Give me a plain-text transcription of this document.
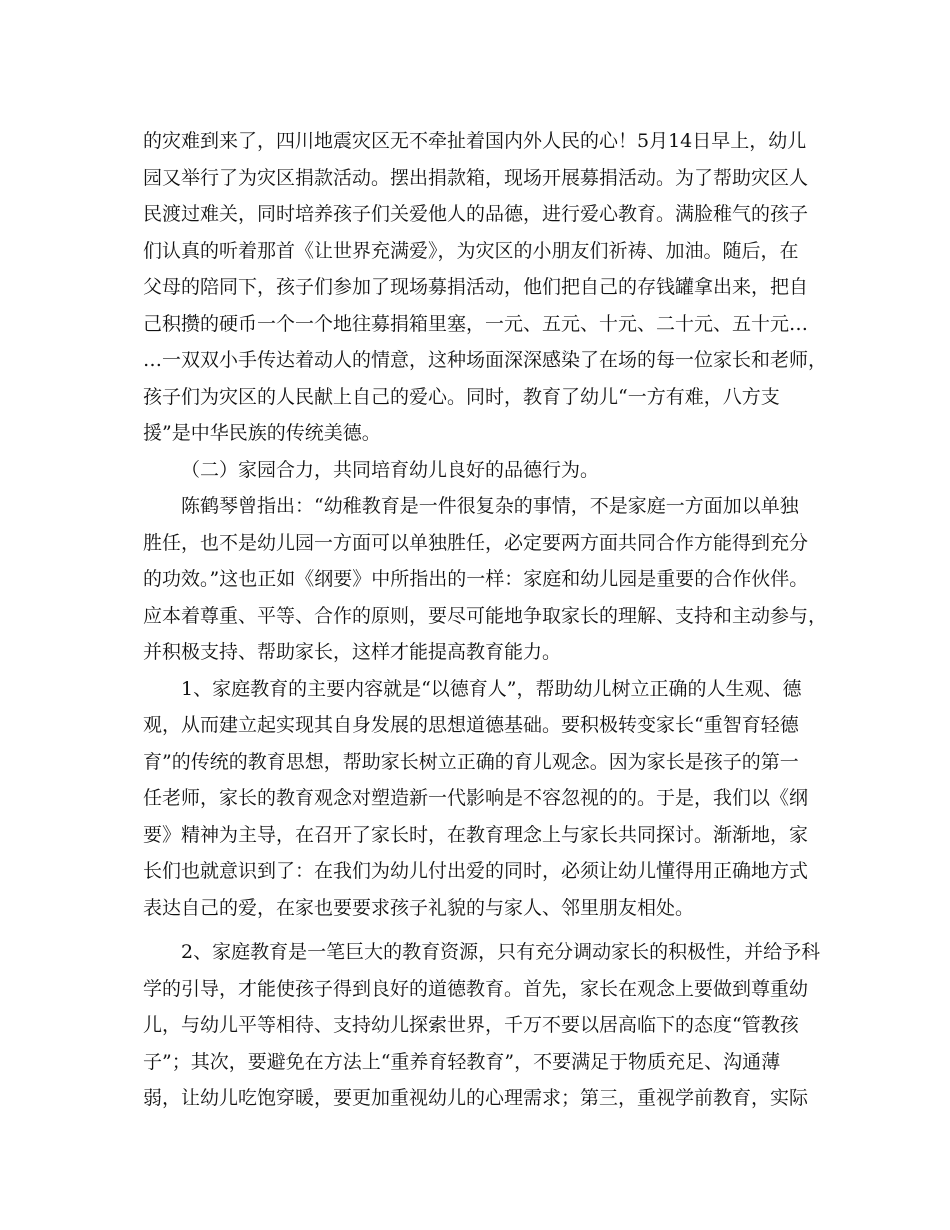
的灾难到来了，四川地震灾区无不牵扯着国内外人民的心！5月14日早上，幼儿
园又举行了为灾区捐款活动。摆出捐款箱，现场开展募捐活动。为了帮助灾区人
民渡过难关，同时培养孩子们关爱他人的品德，进行爱心教育。满脸稚气的孩子
们认真的听着那首《让世界充满爱》，为灾区的小朋友们祈祷、加油。随后，在
父母的陪同下，孩子们参加了现场募捐活动，他们把自己的存钱罐拿出来，把自
己积攒的硬币一个一个地往募捐箱里塞，一元、五元、十元、二十元、五十元…
…一双双小手传达着动人的情意，这种场面深深感染了在场的每一位家长和老师，
孩子们为灾区的人民献上自己的爱心。同时，教育了幼儿“一方有难，八方支
援”是中华民族的传统美德。
（二）家园合力，共同培育幼儿良好的品德行为。
陈鹤琴曾指出：“幼稚教育是一件很复杂的事情，不是家庭一方面加以单独
胜任，也不是幼儿园一方面可以单独胜任，必定要两方面共同合作方能得到充分
的功效。”这也正如《纲要》中所指出的一样：家庭和幼儿园是重要的合作伙伴。
应本着尊重、平等、合作的原则，要尽可能地争取家长的理解、支持和主动参与，
并积极支持、帮助家长，这样才能提高教育能力。
1、家庭教育的主要内容就是“以德育人”，帮助幼儿树立正确的人生观、德
观，从而建立起实现其自身发展的思想道德基础。要积极转变家长“重智育轻德
育”的传统的教育思想，帮助家长树立正确的育儿观念。因为家长是孩子的第一
任老师，家长的教育观念对塑造新一代影响是不容忽视的的。于是，我们以《纲
要》精神为主导，在召开了家长时，在教育理念上与家长共同探讨。渐渐地，家
长们也就意识到了：在我们为幼儿付出爱的同时，必须让幼儿懂得用正确地方式
表达自己的爱，在家也要要求孩子礼貌的与家人、邻里朋友相处。
2、家庭教育是一笔巨大的教育资源，只有充分调动家长的积极性，并给予科
学的引导，才能使孩子得到良好的道德教育。首先，家长在观念上要做到尊重幼
儿，与幼儿平等相待、支持幼儿探索世界，千万不要以居高临下的态度“管教孩
子”；其次，要避免在方法上“重养育轻教育”，不要满足于物质充足、沟通薄
弱，让幼儿吃饱穿暖，要更加重视幼儿的心理需求；第三，重视学前教育，实际
